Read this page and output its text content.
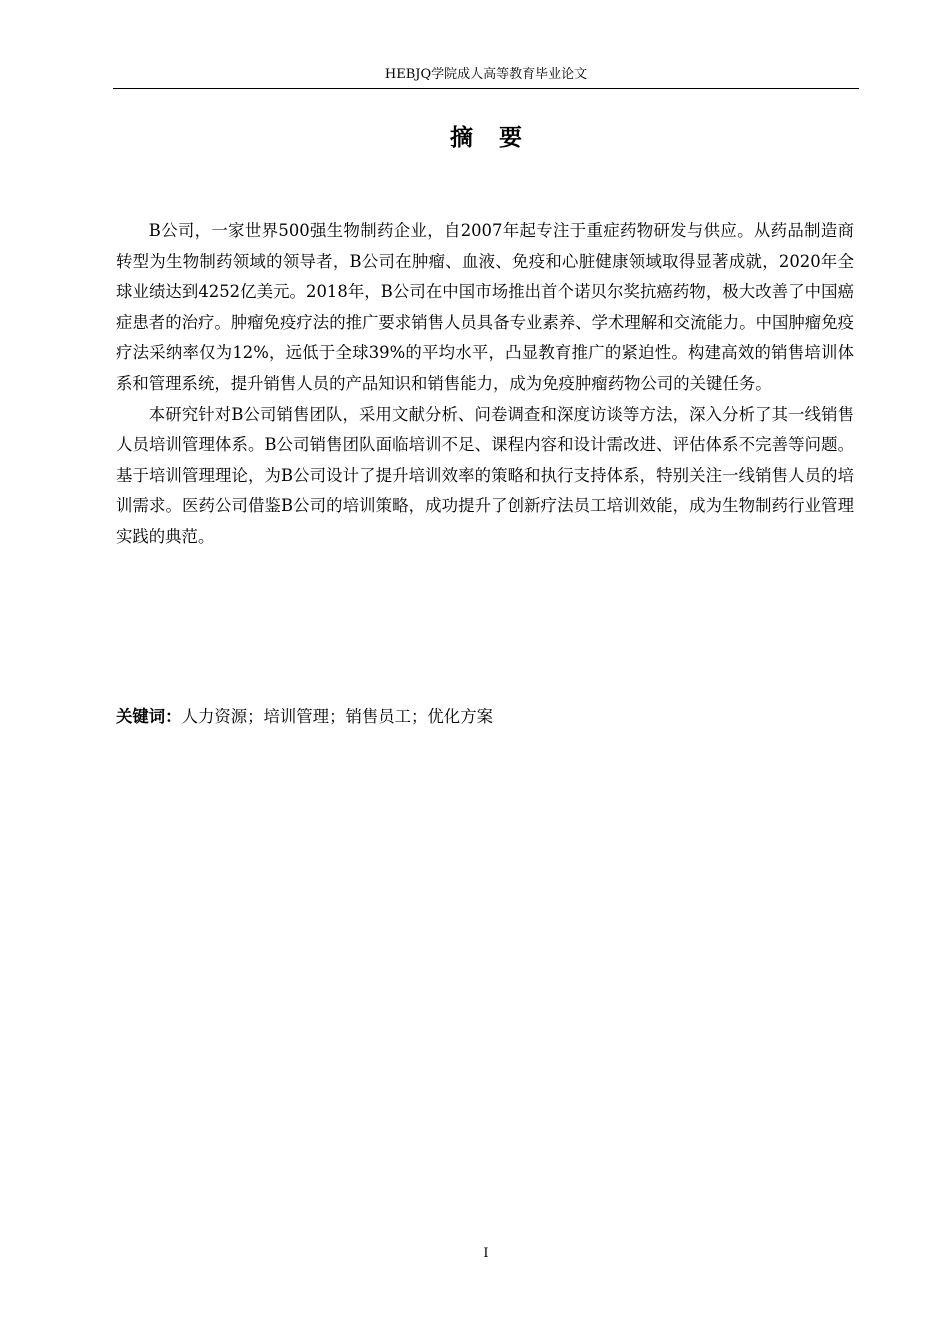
HEBJQ学院成人高等教育毕业论文
摘要

B公司，一家世界500强生物制药企业，自2007年起专注于重症药物研发与供应。从药品制造商转型为生物制药领域的领导者，B公司在肿瘤、血液、免疫和心脏健康领域取得显著成就，2020年全球业绩达到4252亿美元。2018年，B公司在中国市场推出首个诺贝尔奖抗癌药物，极大改善了中国癌症患者的治疗。肿瘤免疫疗法的推广要求销售人员具备专业素养、学术理解和交流能力。中国肿瘤免疫疗法采纳率仅为12%，远低于全球39%的平均水平，凸显教育推广的紧迫性。构建高效的销售培训体系和管理系统，提升销售人员的产品知识和销售能力，成为免疫肿瘤药物公司的关键任务。

本研究针对B公司销售团队，采用文献分析、问卷调查和深度访谈等方法，深入分析了其一线销售人员培训管理体系。B公司销售团队面临培训不足、课程内容和设计需改进、评估体系不完善等问题。基于培训管理理论，为B公司设计了提升培训效率的策略和执行支持体系，特别关注一线销售人员的培训需求。医药公司借鉴B公司的培训策略，成功提升了创新疗法员工培训效能，成为生物制药行业管理实践的典范。

关键词：人力资源；培训管理；销售员工；优化方案
I
